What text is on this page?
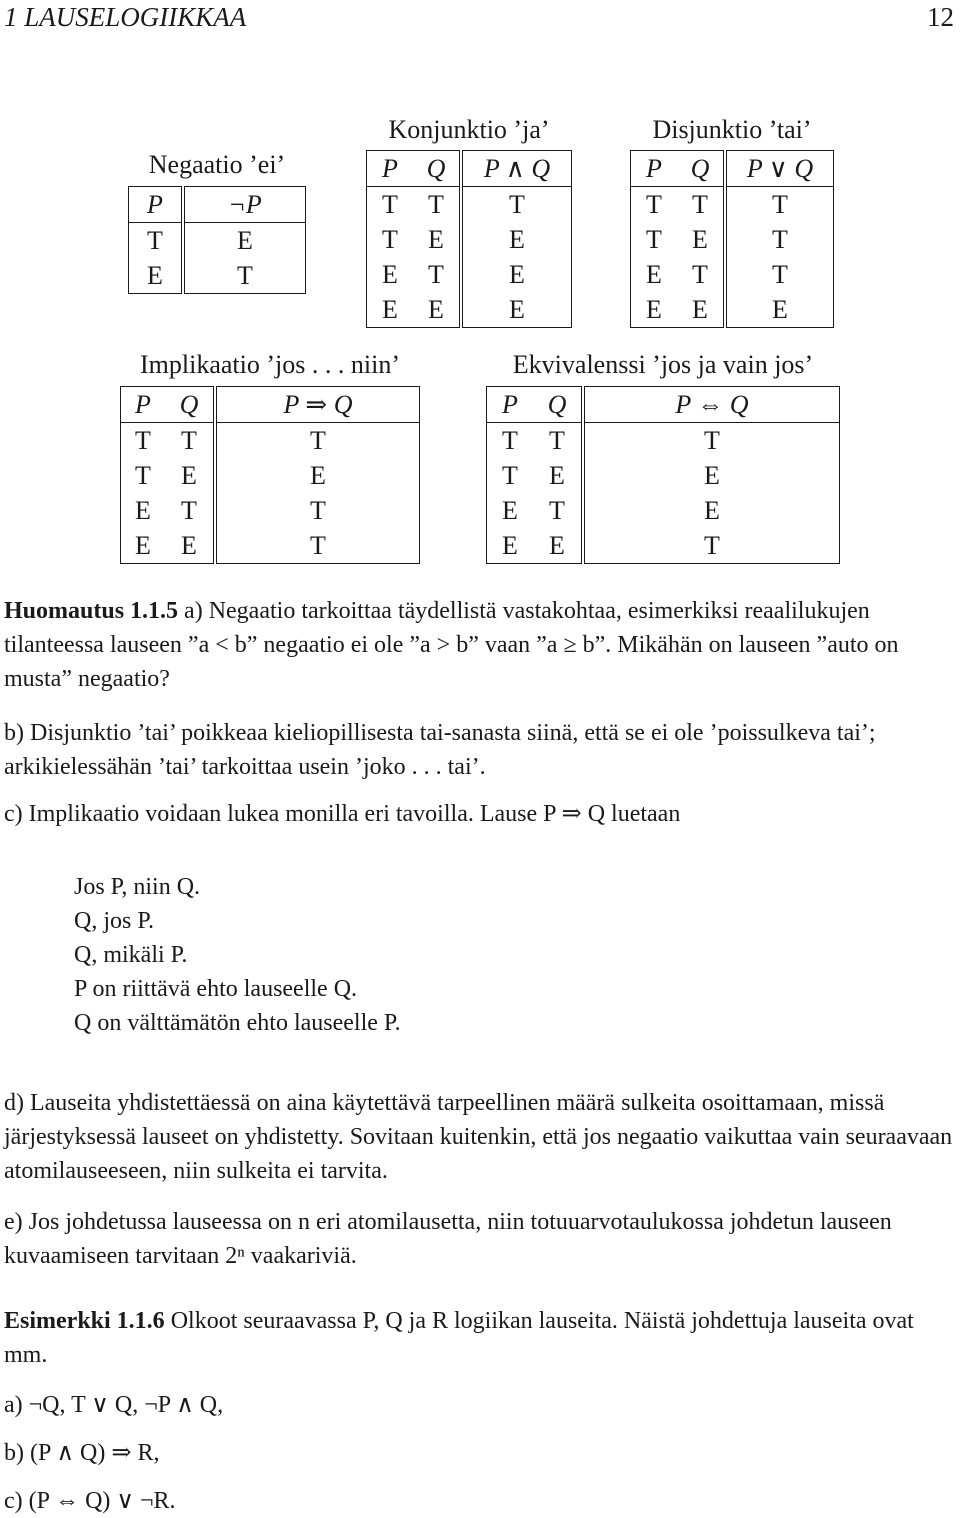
1 LAUSELOGIIKKAA	12
Negaatio ’ei’
P	¬P
T	E
E	T
Konjunktio ’ja’
P	Q	P ∧ Q
T	T	T
T	E	E
E	T	E
E	E	E
Disjunktio ’tai’
P	Q	P ∨ Q
T	T	T
T	E	T
E	T	T
E	E	E
Implikaatio ’jos . . . niin’
P	Q	P ⇒ Q
T	T	T
T	E	E
E	T	T
E	E	T
Ekvivalenssi ’jos ja vain jos’
P	Q	P ⇔ Q
T	T	T
T	E	E
E	T	E
E	E	T
Huomautus 1.1.5 a) Negaatio tarkoittaa täydellistä vastakohtaa, esimerkiksi reaalilukujen tilanteessa lauseen ”a < b” negaatio ei ole ”a > b” vaan ”a ≥ b”. Mikähän on lauseen ”auto on musta” negaatio?
b) Disjunktio ’tai’ poikkeaa kieliopillisesta tai-sanasta siinä, että se ei ole ’poissulkeva tai’; arkikielessähän ’tai’ tarkoittaa usein ’joko . . . tai’.
c) Implikaatio voidaan lukea monilla eri tavoilla. Lause P ⇒ Q luetaan
Jos P, niin Q.
Q, jos P.
Q, mikäli P.
P on riittävä ehto lauseelle Q.
Q on välttämätön ehto lauseelle P.
d) Lauseita yhdistettäessä on aina käytettävä tarpeellinen määrä sulkeita osoittamaan, missä järjestyksessä lauseet on yhdistetty. Sovitaan kuitenkin, että jos negaatio vaikuttaa vain seuraavaan atomilauseeseen, niin sulkeita ei tarvita.
e) Jos johdetussa lauseessa on n eri atomilausetta, niin totuuarvotaulukossa johdetun lauseen kuvaamiseen tarvitaan 2ⁿ vaakariviä.
Esimerkki 1.1.6 Olkoot seuraavassa P, Q ja R logiikan lauseita. Näistä johdettuja lauseita ovat mm.
a) ¬Q, T ∨ Q, ¬P ∧ Q,
b) (P ∧ Q) ⇒ R,
c) (P ⇔ Q) ∨ ¬R.
